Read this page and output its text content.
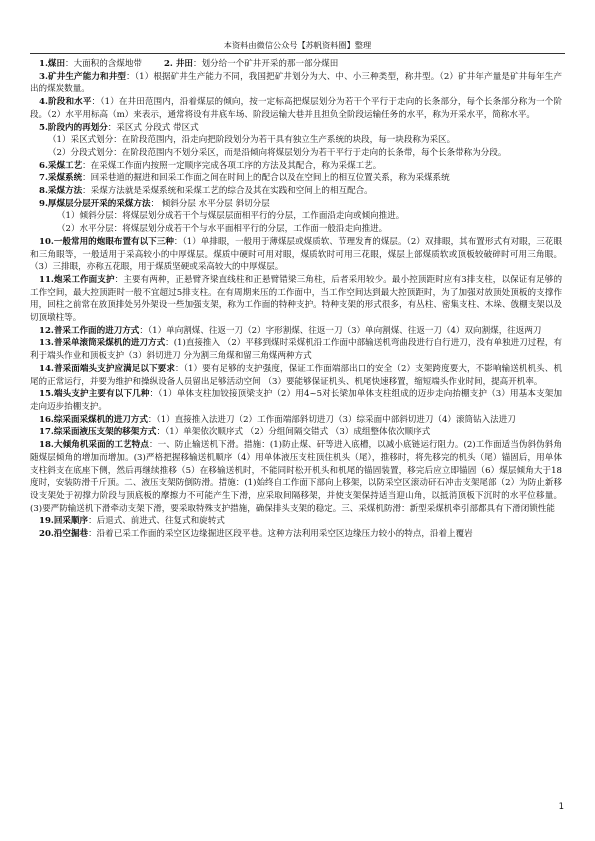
本资料由微信公众号【苏帆资料圈】整理

1.煤田：大面积的含煤地带	2. 井田：划分给一个矿井开采的那一部分煤田

3.矿井生产能力和井型：（1）根据矿井生产能力不同，我国把矿井划分为大、中、小三种类型，称井型。（2）矿井年产量是矿井每年生产出的煤炭数量。

4.阶段和水平：（1）在井田范围内，沿着煤层的倾向，按一定标高把煤层划分为若干个平行于走向的长条部分，每个长条部分称为一个阶段。（2）水平用标高（m）来表示，通常将设有井底车场、阶段运输大巷并且担负全阶段运输任务的水平，称为开采水平，简称水平。

5.阶段内的再划分：采区式 分段式 带区式

（1）采区式划分：在阶段范围内，沿走向把阶段划分为若干具有独立生产系统的块段，每一块段称为采区。

（2）分段式划分：在阶段范围内不划分采区，而是沿倾向将煤层划分为若干平行于走向的长条带，每个长条带称为分段。

6.采煤工艺：在采煤工作面内按照一定顺序完成各项工序的方法及其配合，称为采煤工艺。

7.采煤系统：回采巷道的掘进和回采工作面之间在时间上的配合以及在空间上的相互位置关系，称为采煤系统

8.采煤方法：采煤方法就是采煤系统和采煤工艺的综合及其在实践和空间上的相互配合。

9.厚煤层分层开采的采煤方法： 倾斜分层 水平分层 斜切分层

（1）倾斜分层：将煤层划分成若干个与煤层层面相平行的分层，工作面沿走向或倾向推进。

（2）水平分层：将煤层划分成若干个与水平面相平行的分层，工作面一般沿走向推进。

10.一般常用的炮眼布置有以下三种：（1）单排眼，一般用于薄煤层或煤质软、节理发育的煤层。（2）双排眼，其布置形式有对眼，三花眼和三角眼等，一般适用于采高较小的中厚煤层。煤质中硬时可用对眼，煤质软时可用三花眼，煤层上部煤质软或顶板较破碎时可用三角眼。（3）三排眼，亦称五花眼，用于煤质坚硬或采高较大的中厚煤层。

11.炮采工作面支护：主要有两种，正悬臂齐梁直线柱和正悬臂错梁三角柱，后者采用较少。最小控顶距时应有3排支柱，以保证有足够的工作空间，最大控顶距时一般不宜超过5排支柱。在有周期来压的工作面中，当工作空间达到最大控顶距时，为了加强对放顶处顶板的支撑作用，回柱之前常在放顶排处另外架设一些加强支架，称为工作面的特种支护。特种支架的形式很多，有丛柱、密集支柱、木垛、戗棚支架以及切顶墩柱等。

12.普采工作面的进刀方式：（1）单向割煤、往返一刀（2）字形割煤、往返一刀（3）单向割煤、往返一刀（4）双向割煤，往返两刀

13.普采单滚筒采煤机的进刀方式：(1)直接推入 （2）平移到煤时采煤机沿工作面中部输送机弯曲段进行自行进刀，没有单独进刀过程，有利于端头作业和顶板支护（3）斜切进刀 分为割三角煤和留三角煤两种方式

14.普采面端头支护应满足以下要求：（1）要有足够的支护强度，保证工作面端部出口的安全（2）支架跨度要大，不影响输送机机头、机尾的正常运行，并要为维护和操纵设备人员留出足够活动空间 （3）要能够保证机头、机尾快速移置，缩短端头作业时间，提高开机率。

15.端头支护主要有以下几种：（1）单体支柱加铰接顶梁支护（2）用4~5对长梁加单体支柱组成的迈步走向抬棚支护（3）用基本支架加走向迈步抬棚支护。

16.综采面采煤机的进刀方式：（1）直接推入法进刀（2）工作面端部斜切进刀（3）综采面中部斜切进刀（4）滚筒钻入法进刀

17.综采面液压支架的移架方式：（1）单架依次顺序式 （2）分组间隔交错式 （3）成组整体依次顺序式

18.大倾角机采面的工艺特点：一、防止输送机下滑。措施：(1)防止煤、矸等进入底槽，以减小底链运行阻力。(2)工作面适当伪斜伪斜角随煤层倾角的增加而增加。(3)严格把握移输送机顺序（4）用单体液压支柱顶住机头（尾），推移时，将先移完的机头（尾）锚固后，用单体支柱斜支在底座下侧，然后再继续推移（5）在移输送机时，不能同时松开机头和机尾的锚固装置，移完后应立即锚固（6）煤层倾角大于18度时，安装防滑千斤顶。二、液压支架防倒防滑。措施：(1)始终自工作面下部向上移架，以防采空区滚动矸石冲击支架尾部（2）为防止新移设支架处于初撑力阶段与顶底板的摩擦力不可能产生下滑，应采取间隔移架，并使支架保持适当迎山角，以抵消顶板下沉时的水平位移量。(3)要严防输送机下滑牵动支架下滑，要采取特殊支护措施，确保排头支架的稳定。三、采煤机防滑：新型采煤机牵引部都具有下滑闭锁性能

19.回采顺序：后退式、前进式、往复式和旋转式

20.沿空掘巷：沿着已采工作面的采空区边缘掘进区段平巷。这种方法利用采空区边缘压力较小的特点，沿着上覆岩

1
